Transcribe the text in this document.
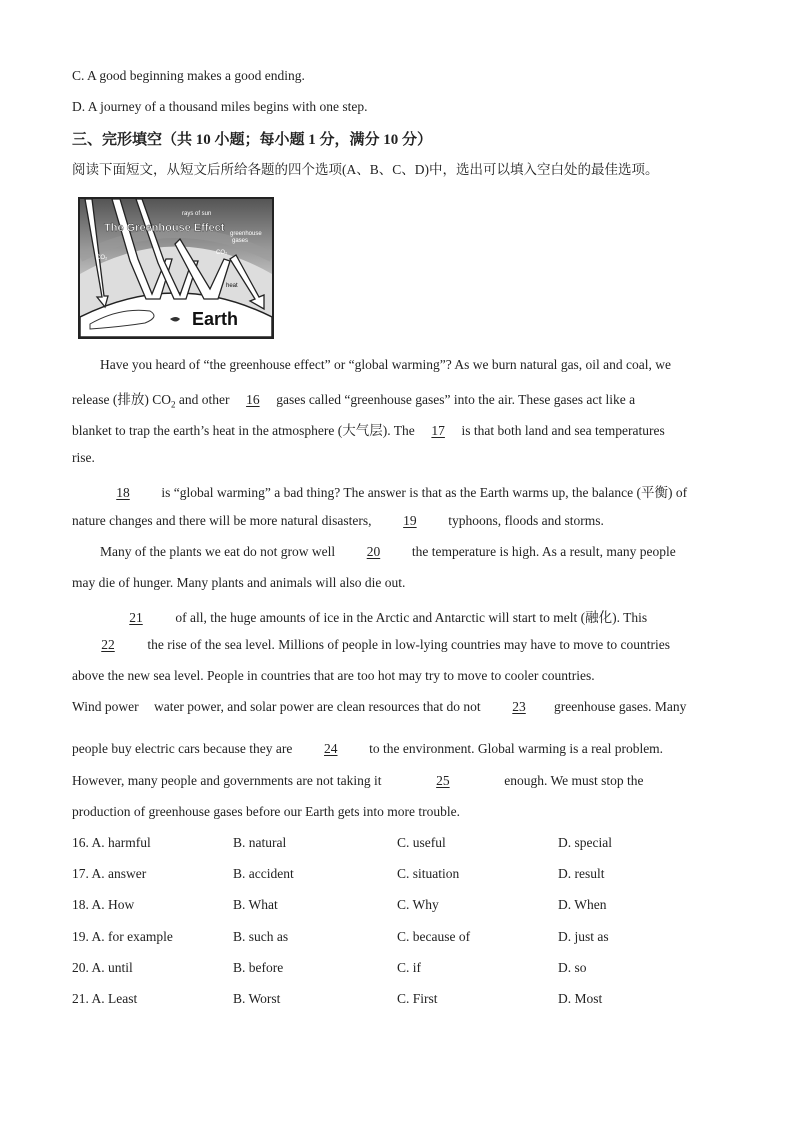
C. A good beginning makes a good ending.
D. A journey of a thousand miles begins with one step.
三、完形填空（共 10 小题；每小题 1 分，满分 10 分）
阅读下面短文，从短文后所给各题的四个选项(A、B、C、D)中，选出可以填入空白处的最佳选项。
The Greenhouse Effect
rays of sun
greenhouse
gases
CO₂
CO₂
heat
Earth
Have you heard of “the greenhouse effect” or “global warming”? As we burn natural gas, oil and coal, we
release (排放) $CO_2$ and other 16 gases called “greenhouse gases” into the air. These gases act like a
blanket to trap the earth’s heat in the atmosphere (大气层). The 17 is that both land and sea temperatures
rise.
18 is “global warming” a bad thing? The answer is that as the Earth warms up, the balance (平衡) of
nature changes and there will be more natural disasters, 19 typhoons, floods and storms.
Many of the plants we eat do not grow well 20 the temperature is high. As a result, many people
may die of hunger. Many plants and animals will also die out.
21 of all, the huge amounts of ice in the Arctic and Antarctic will start to melt (融化). This
22 the rise of the sea level. Millions of people in low-lying countries may have to move to countries
above the new sea level. People in countries that are too hot may try to move to cooler countries.
Wind power water power, and solar power are clean resources that do not 23 greenhouse gases. Many
people buy electric cars because they are 24 to the environment. Global warming is a real problem.
However, many people and governments are not taking it	25	enough. We must stop the
production of greenhouse gases before our Earth gets into more trouble.
16. A. harmful	B. natural	C. useful	D. special
17. A. answer	B. accident	C. situation	D. result
18. A. How	B. What	C. Why	D. When
19. A. for example	B. such as	C. because of	D. just as
20. A. until	B. before	C. if	D. so
21. A. Least	B. Worst	C. First	D. Most
